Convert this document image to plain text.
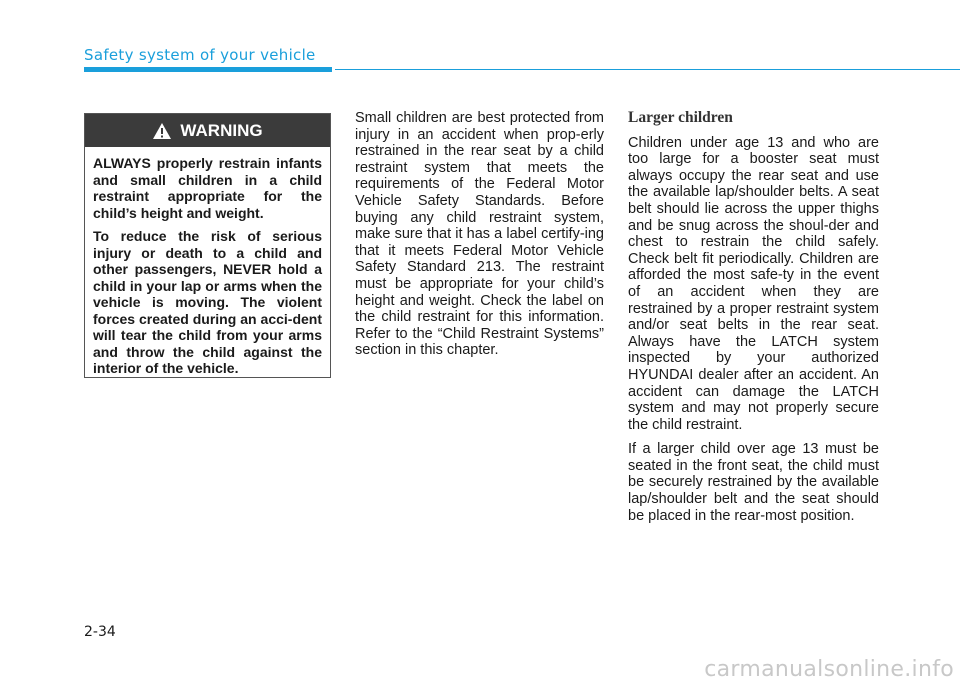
Safety system of your vehicle
WARNING

ALWAYS properly restrain infants and small children in a child restraint appropriate for the child’s height and weight.

To reduce the risk of serious injury or death to a child and other passengers, NEVER hold a child in your lap or arms when the vehicle is moving. The violent forces created during an acci-dent will tear the child from your arms and throw the child against the interior of the vehicle.

Small children are best protected from injury in an accident when prop-erly restrained in the rear seat by a child restraint system that meets the requirements of the Federal Motor Vehicle Safety Standards. Before buying any child restraint system, make sure that it has a label certify-ing that it meets Federal Motor Vehicle Safety Standard 213. The restraint must be appropriate for your child’s height and weight. Check the label on the child restraint for this information. Refer to the “Child Restraint Systems” section in this chapter.

Larger children

Children under age 13 and who are too large for a booster seat must always occupy the rear seat and use the available lap/shoulder belts. A seat belt should lie across the upper thighs and be snug across the shoul-der and chest to restrain the child safely. Check belt fit periodically. Children are afforded the most safe-ty in the event of an accident when they are restrained by a proper restraint system and/or seat belts in the rear seat. Always have the LATCH system inspected by your authorized HYUNDAI dealer after an accident. An accident can damage the LATCH system and may not properly secure the child restraint.

If a larger child over age 13 must be seated in the front seat, the child must be securely restrained by the available lap/shoulder belt and the seat should be placed in the rear-most position.

2-34
carmanualsonline.info
